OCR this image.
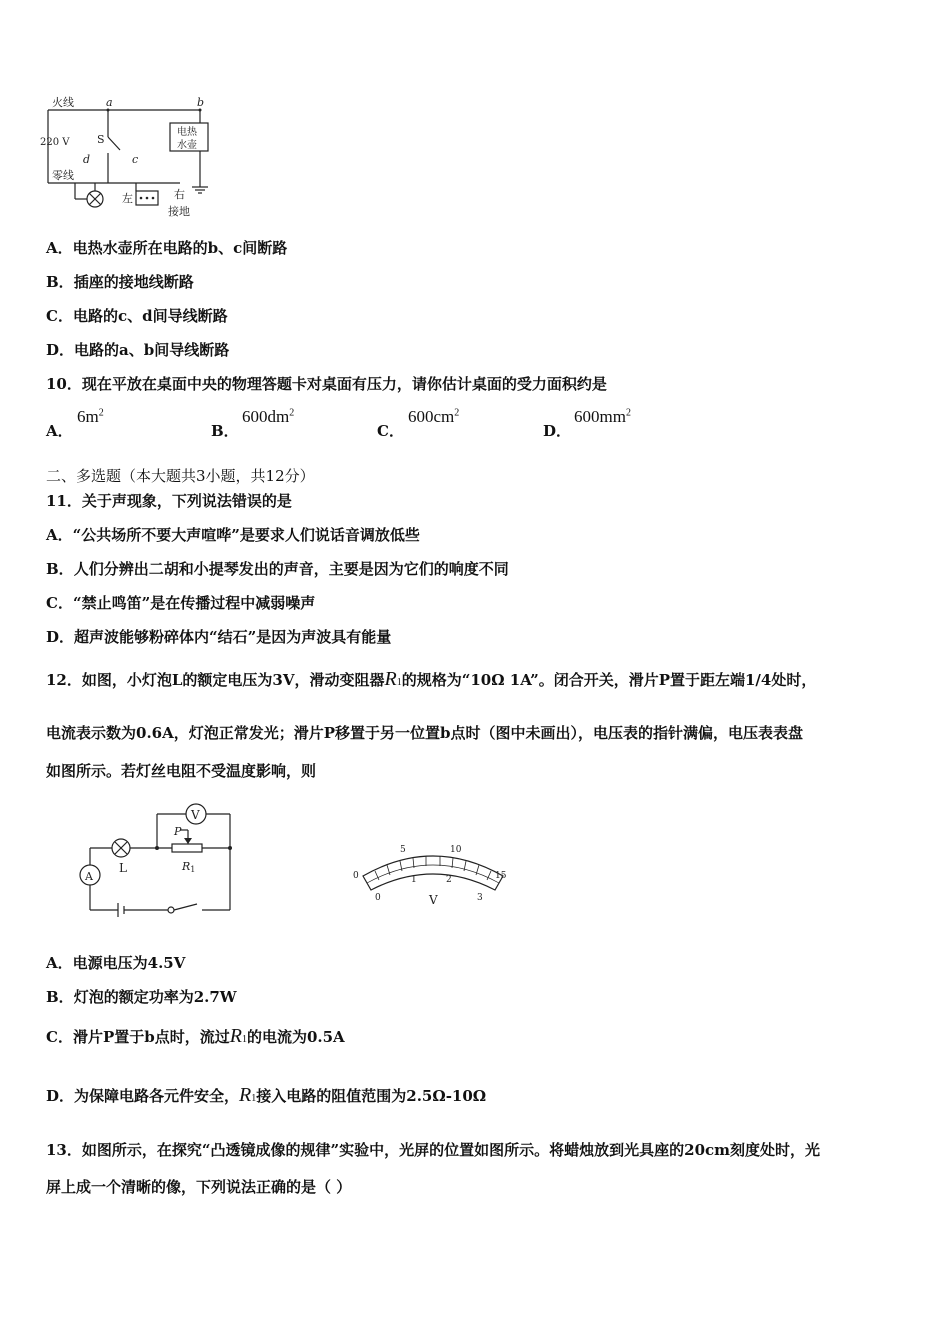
火线
零线
220 V	S
a	b
c
d
电热
水壶
左	右
接地
A．电热水壶所在电路的b、c间断路
B．插座的接地线断路
C．电路的c、d间导线断路
D．电路的a、b间导线断路
10．现在平放在桌面中央的物理答题卡对桌面有压力，请你估计桌面的受力面积约是
A．
$6m^2$
B．
$600dm^2$
C．
$600cm^2$
D．
$600mm^2$
二、多选题（本大题共3小题，共12分）
11．关于声现象，下列说法错误的是
A．“公共场所不要大声喧哗”是要求人们说话音调放低些
B．人们分辨出二胡和小提琴发出的声音，主要是因为它们的响度不同
C．“禁止鸣笛”是在传播过程中减弱噪声
D．超声波能够粉碎体内“结石”是因为声波具有能量
12．如图，小灯泡L的额定电压为3V，滑动变阻器R1的规格为“10Ω 1A”。闭合开关，滑片P置于距左端1/4处时，
电流表示数为0.6A，灯泡正常发光；滑片P移置于另一位置b点时（图中未画出），电压表的指针满偏，电压表表盘
如图所示。若灯丝电阻不受温度影响，则
V
A
P
L	R1
0
5	10
15
0
1	2
3
V
A．电源电压为4.5V
B．灯泡的额定功率为2.7W
C．滑片P置于b点时，流过R1的电流为0.5A
D．为保障电路各元件安全，R1接入电路的阻值范围为2.5Ω-10Ω
13．如图所示，在探究“凸透镜成像的规律”实验中，光屏的位置如图所示。将蜡烛放到光具座的20cm刻度处时，光
屏上成一个清晰的像，下列说法正确的是（ ）
